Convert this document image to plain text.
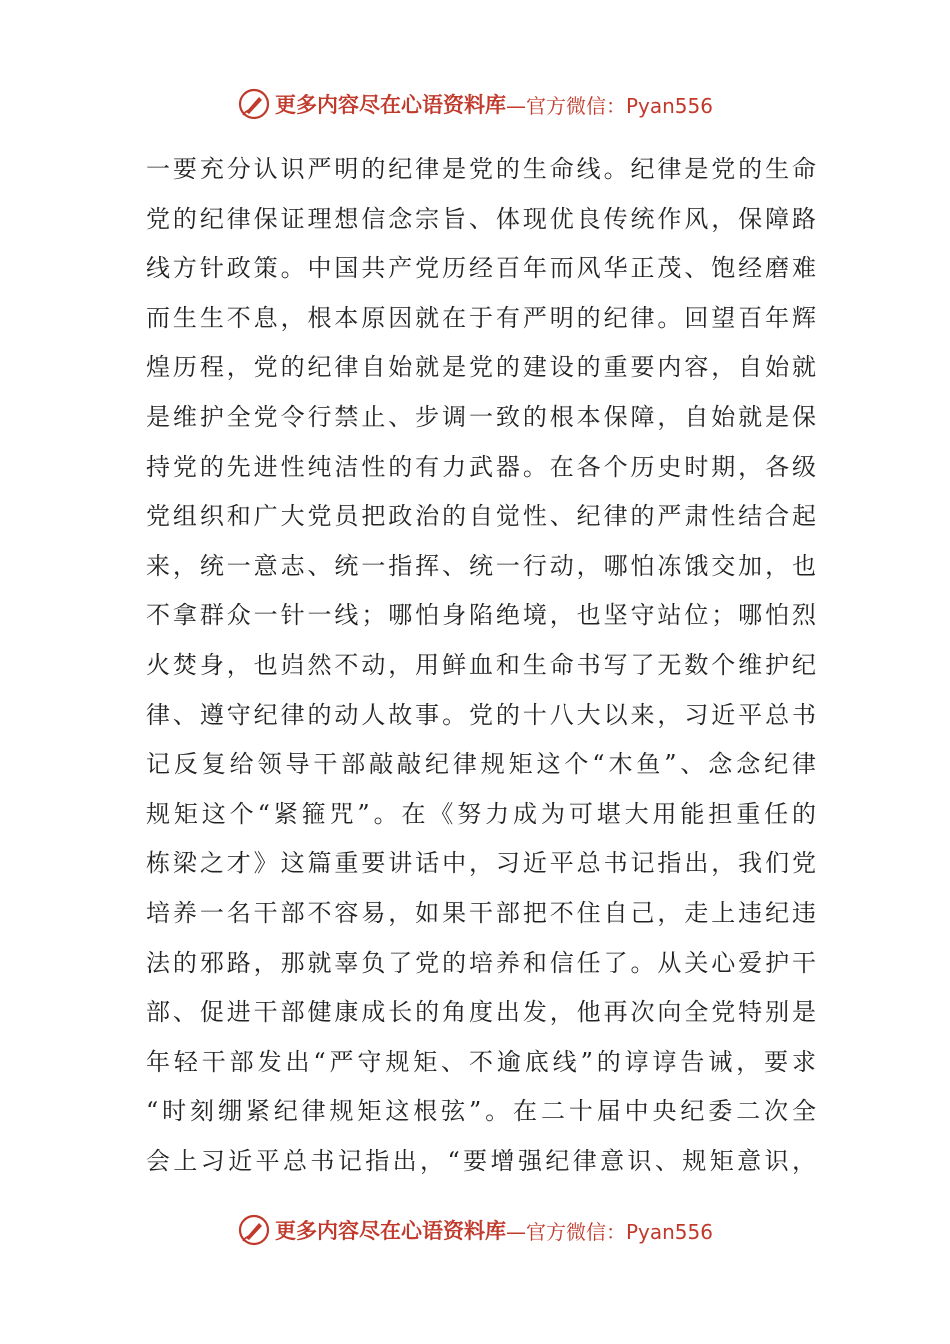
更多内容尽在心语资料库 —官方微信：Pyan556
一要充分认识严明的纪律是党的生命线。纪律是党的生命
党的纪律保证理想信念宗旨、体现优良传统作风，保障路
线方针政策。中国共产党历经百年而风华正茂、饱经磨难
而生生不息，根本原因就在于有严明的纪律。回望百年辉
煌历程，党的纪律自始就是党的建设的重要内容，自始就
是维护全党令行禁止、步调一致的根本保障，自始就是保
持党的先进性纯洁性的有力武器。在各个历史时期，各级
党组织和广大党员把政治的自觉性、纪律的严肃性结合起
来，统一意志、统一指挥、统一行动，哪怕冻饿交加，也
不拿群众一针一线；哪怕身陷绝境，也坚守站位；哪怕烈
火焚身，也岿然不动，用鲜血和生命书写了无数个维护纪
律、遵守纪律的动人故事。党的十八大以来，习近平总书
记反复给领导干部敲敲纪律规矩这个“木鱼”、念念纪律
规矩这个“紧箍咒”。在《努力成为可堪大用能担重任的
栋梁之才》这篇重要讲话中，习近平总书记指出，我们党
培养一名干部不容易，如果干部把不住自己，走上违纪违
法的邪路，那就辜负了党的培养和信任了。从关心爱护干
部、促进干部健康成长的角度出发，他再次向全党特别是
年轻干部发出“严守规矩、不逾底线”的谆谆告诫，要求
“时刻绷紧纪律规矩这根弦”。在二十届中央纪委二次全
会上习近平总书记指出，“要增强纪律意识、规矩意识，
更多内容尽在心语资料库 —官方微信：Pyan556
